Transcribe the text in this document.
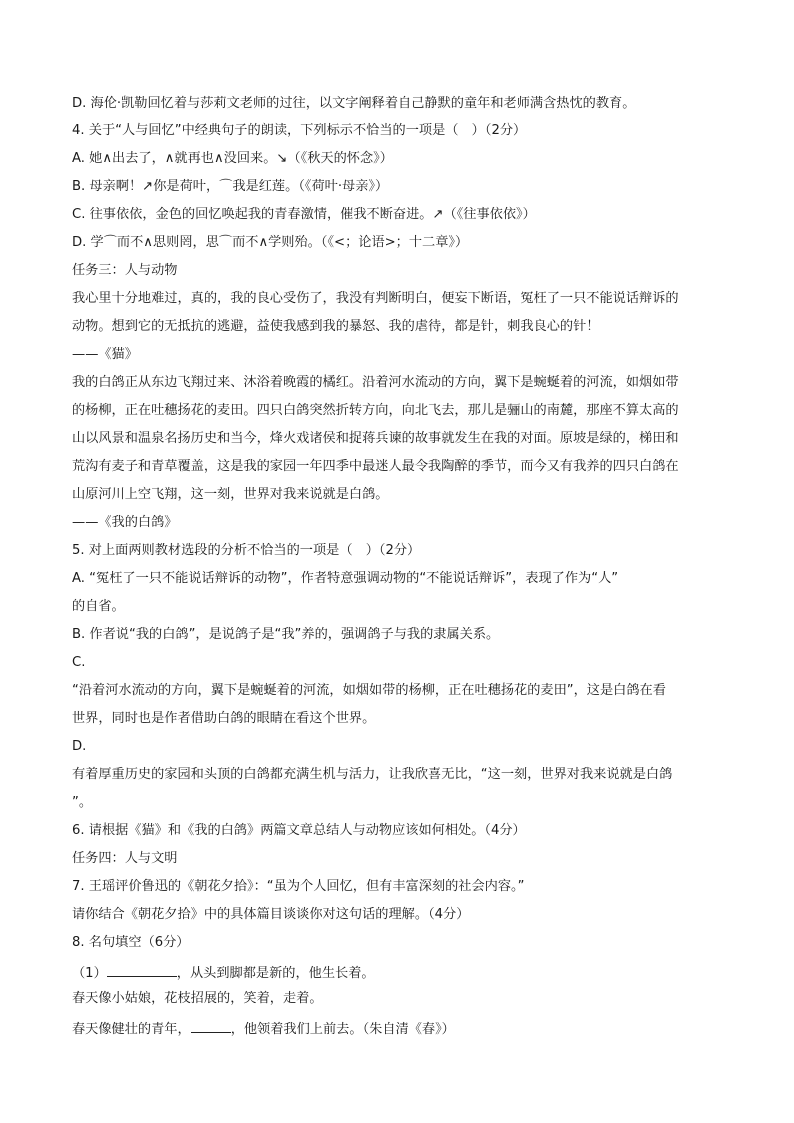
D. 海伦·凯勒回忆着与莎莉文老师的过往，以文字阐释着自己静默的童年和老师满含热忱的教育。
4. 关于“人与回忆”中经典句子的朗读，下列标示不恰当的一项是（　）（2分）
A. 她∧出去了，∧就再也∧没回来。↘（《秋天的怀念》）
B. 母亲啊！↗你是荷叶，⌒我是红莲。（《荷叶·母亲》）
C. 往事依依，金色的回忆唤起我的青春激情，催我不断奋进。↗（《往事依依》）
D. 学⌒而不∧思则罔，思⌒而不∧学则殆。（《<；论语>；十二章》）
任务三：人与动物
我心里十分地难过，真的，我的良心受伤了，我没有判断明白，便妄下断语，冤枉了一只不能说话辩诉的
动物。想到它的无抵抗的逃避，益使我感到我的暴怒、我的虐待，都是针，刺我良心的针！
——《猫》
我的白鸽正从东边飞翔过来、沐浴着晚霞的橘红。沿着河水流动的方向，翼下是蜿蜒着的河流，如烟如带
的杨柳，正在吐穗扬花的麦田。四只白鸽突然折转方向，向北飞去，那儿是骊山的南麓，那座不算太高的
山以风景和温泉名扬历史和当今，烽火戏诸侯和捉蒋兵谏的故事就发生在我的对面。原坡是绿的，梯田和
荒沟有麦子和青草覆盖，这是我的家园一年四季中最迷人最令我陶醉的季节，而今又有我养的四只白鸽在
山原河川上空飞翔，这一刻，世界对我来说就是白鸽。
——《我的白鸽》
5. 对上面两则教材选段的分析不恰当的一项是（　）（2分）
A. “冤枉了一只不能说话辩诉的动物”，作者特意强调动物的“不能说话辩诉”，表现了作为“人”
的自省。
B. 作者说“我的白鸽”，是说鸽子是“我”养的，强调鸽子与我的隶属关系。
C.
“沿着河水流动的方向，翼下是蜿蜒着的河流，如烟如带的杨柳，正在吐穗扬花的麦田”，这是白鸽在看
世界，同时也是作者借助白鸽的眼睛在看这个世界。
D.
有着厚重历史的家园和头顶的白鸽都充满生机与活力，让我欣喜无比，“这一刻，世界对我来说就是白鸽
”。
6. 请根据《猫》和《我的白鸽》两篇文章总结人与动物应该如何相处。（4分）
任务四：人与文明
7. 王瑶评价鲁迅的《朝花夕拾》：“虽为个人回忆，但有丰富深刻的社会内容。”
请你结合《朝花夕拾》中的具体篇目谈谈你对这句话的理解。（4分）
8. 名句填空（6分）
（1）	，从头到脚都是新的，他生长着。
春天像小姑娘，花枝招展的，笑着，走着。
春天像健壮的青年，	，他领着我们上前去。（朱自清《春》）
